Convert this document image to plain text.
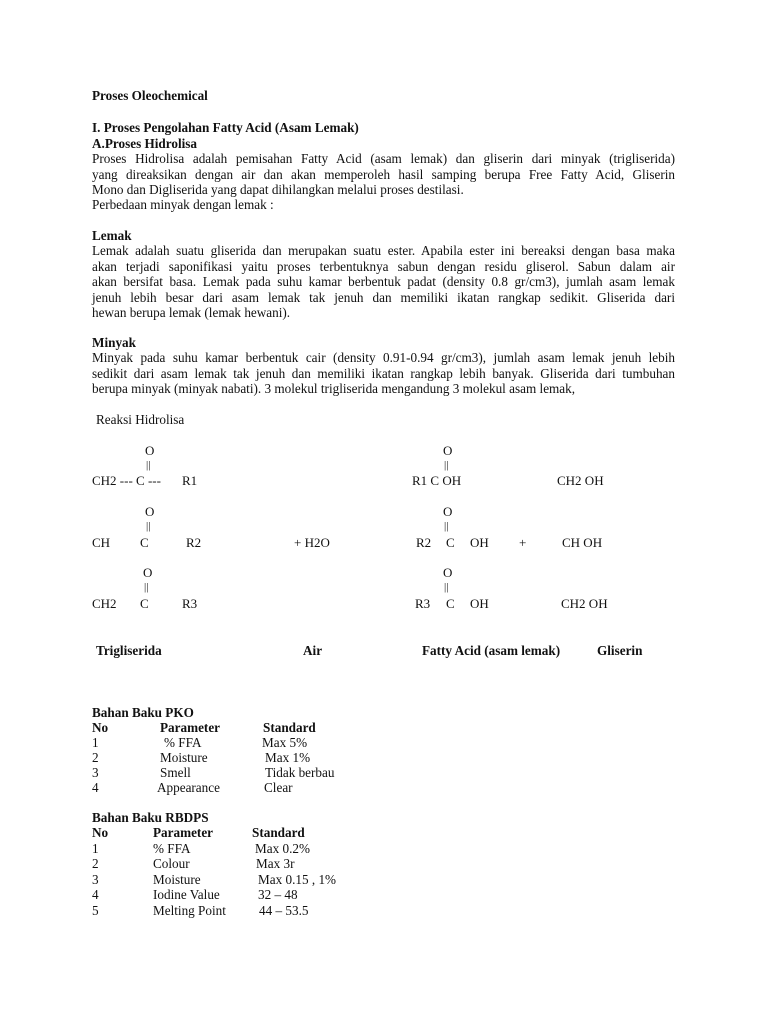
Proses Oleochemical
I. Proses Pengolahan Fatty Acid (Asam Lemak)
A.Proses Hidrolisa
Proses Hidrolisa adalah pemisahan Fatty Acid (asam lemak) dan gliserin dari minyak (trigliserida)
yang direaksikan dengan air dan akan memperoleh hasil samping berupa Free Fatty Acid, Gliserin
Mono dan Digliserida yang dapat dihilangkan melalui proses destilasi.
Perbedaan minyak dengan lemak :
Lemak
Lemak adalah suatu gliserida dan merupakan suatu ester. Apabila ester ini bereaksi dengan basa maka
akan terjadi saponifikasi yaitu proses terbentuknya sabun dengan residu gliserol. Sabun dalam air
akan bersifat basa. Lemak pada suhu kamar berbentuk padat (density 0.8 gr/cm3), jumlah asam lemak
jenuh lebih besar dari asam lemak tak jenuh dan memiliki ikatan rangkap sedikit. Gliserida dari
hewan berupa lemak (lemak hewani).
Minyak
Minyak pada suhu kamar berbentuk cair (density 0.91-0.94 gr/cm3), jumlah asam lemak jenuh lebih
sedikit dari asam lemak tak jenuh dan memiliki ikatan rangkap lebih banyak. Gliserida dari tumbuhan
berupa minyak (minyak nabati). 3 molekul trigliserida mengandung 3 molekul asam lemak,
Reaksi Hidrolisa
O
||
O
||
CH2 --- C --- R1	R1 C OH	CH2 OH
O
||
O
||
CH C	R2	+ H2O	R2 C OH +	CH OH
O
||
O
||
CH2 C	R3	R3 C OH	CH2 OH
Trigliserida	Air	Fatty Acid (asam lemak)	Gliserin
Bahan Baku PKO
No	Parameter	Standard
1	% FFA	Max 5%
2	Moisture	Max 1%
3	Smell	Tidak berbau
4	Appearance	Clear
Bahan Baku RBDPS
No	Parameter	Standard
1	% FFA	Max 0.2%
2	Colour	Max 3r
3	Moisture	Max 0.15 , 1%
4	Iodine Value	32 – 48
5	Melting Point	44 – 53.5
